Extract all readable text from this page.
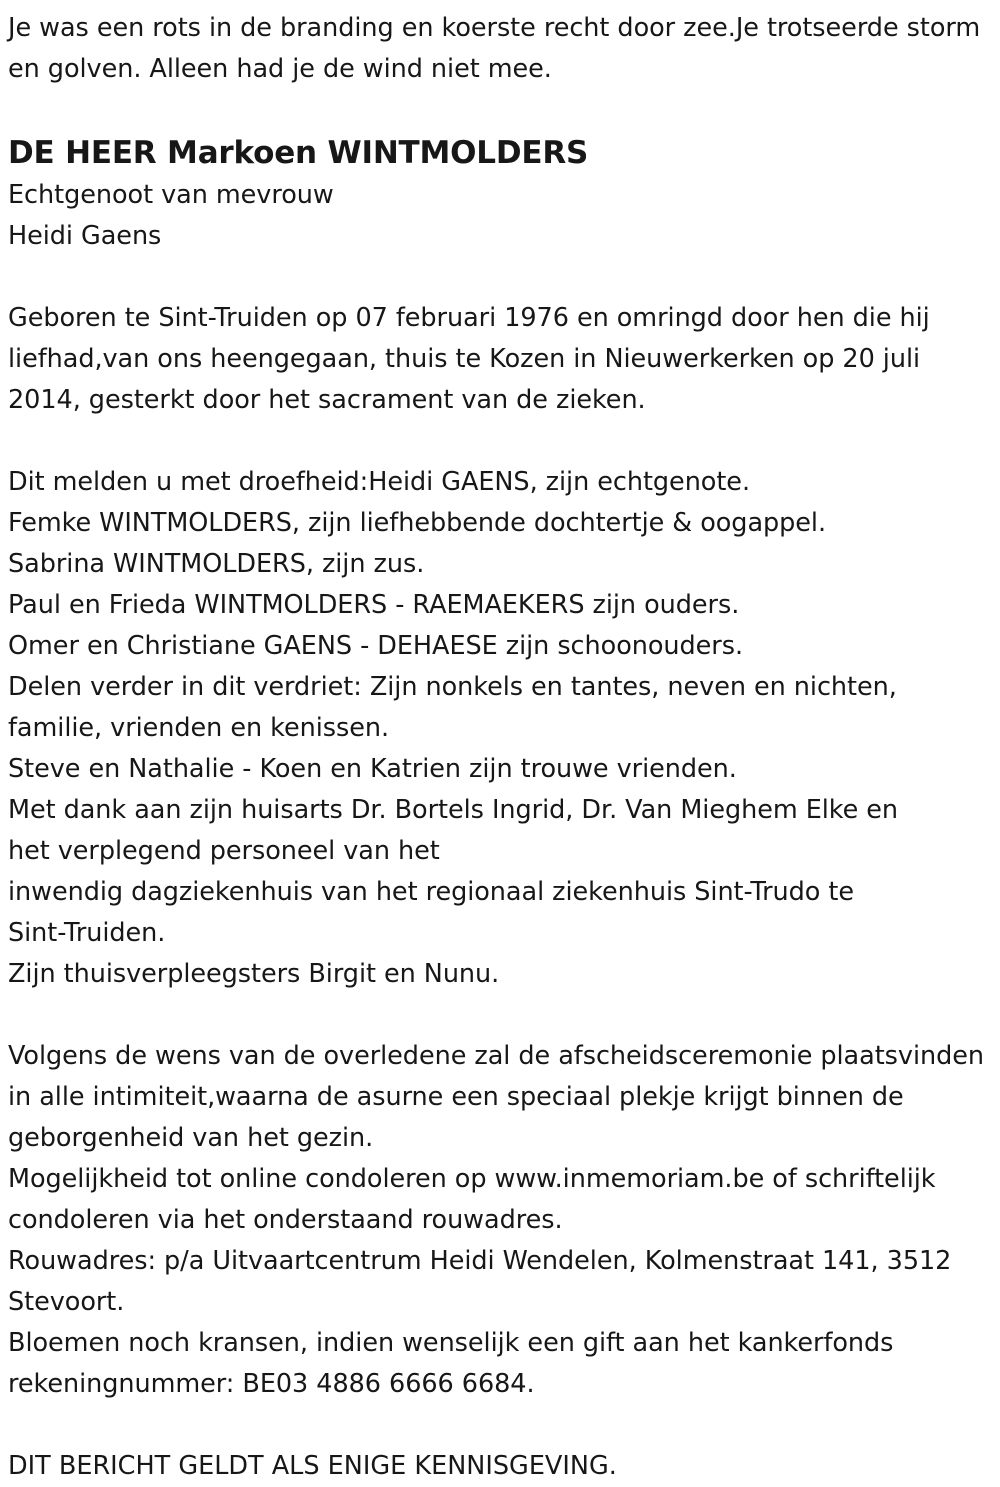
Je was een rots in de branding en koerste recht door zee.Je trotseerde storm en golven. Alleen had je de wind niet mee.

DE HEER Markoen WINTMOLDERS
Echtgenoot van mevrouw
Heidi Gaens

Geboren te Sint-Truiden op 07 februari 1976 en omringd door hen die hij liefhad,van ons heengegaan, thuis te Kozen in Nieuwerkerken op 20 juli 2014, gesterkt door het sacrament van de zieken.

Dit melden u met droefheid:Heidi GAENS, zijn echtgenote.
Femke WINTMOLDERS, zijn liefhebbende dochtertje & oogappel.
Sabrina WINTMOLDERS, zijn zus.
Paul en Frieda WINTMOLDERS - RAEMAEKERS zijn ouders.
Omer en Christiane GAENS - DEHAESE zijn schoonouders.

Delen verder in dit verdriet: Zijn nonkels en tantes, neven en nichten, familie, vrienden en kenissen.

Steve en Nathalie - Koen en Katrien zijn trouwe vrienden.
Met dank aan zijn huisarts Dr. Bortels Ingrid, Dr. Van Mieghem Elke en
het verplegend personeel van het
inwendig dagziekenhuis van het regionaal ziekenhuis Sint-Trudo te
Sint-Truiden.
Zijn thuisverpleegsters Birgit en Nunu.

Volgens de wens van de overledene zal de afscheidsceremonie plaatsvinden in alle intimiteit,waarna de asurne een speciaal plekje krijgt binnen de geborgenheid van het gezin.

Mogelijkheid tot online condoleren op www.inmemoriam.be of schriftelijk condoleren via het onderstaand rouwadres.

Rouwadres: p/a Uitvaartcentrum Heidi Wendelen, Kolmenstraat 141, 3512 Stevoort.

Bloemen noch kransen, indien wenselijk een gift aan het kankerfonds rekeningnummer: BE03 4886 6666 6684.

DIT BERICHT GELDT ALS ENIGE KENNISGEVING.
